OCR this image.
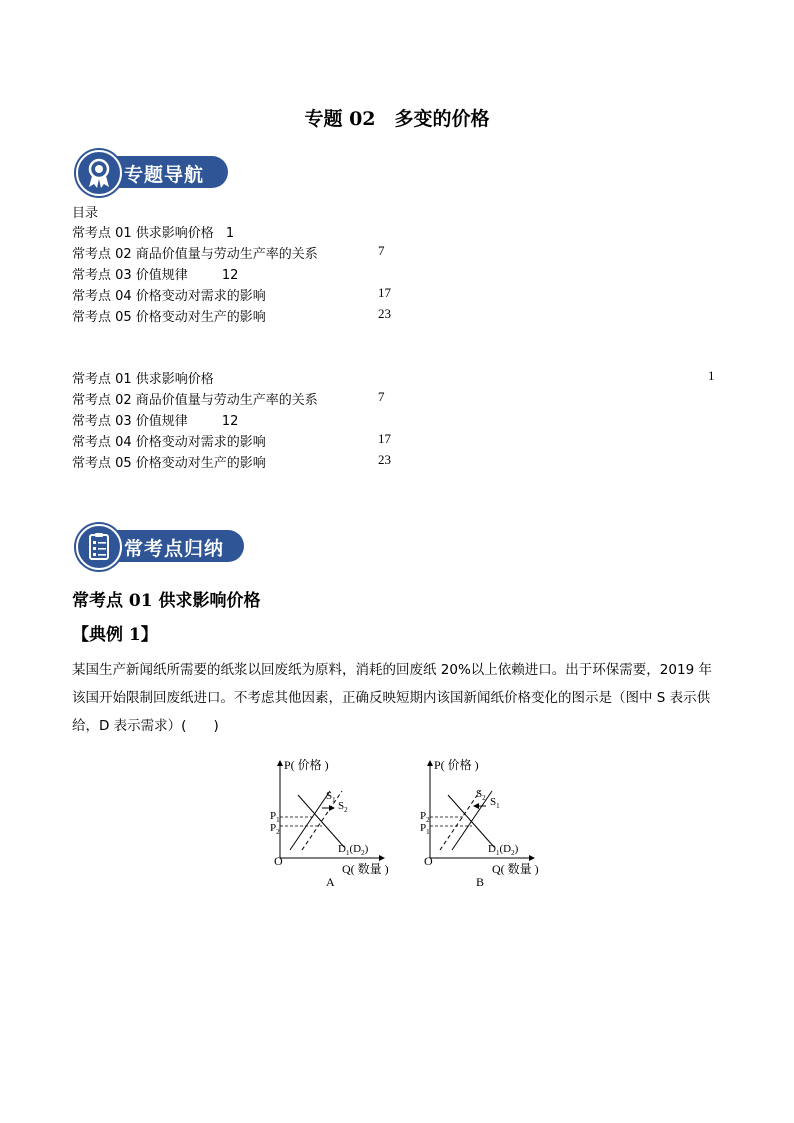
专题 02　多变的价格
专题导航
目录
常考点 01 供求影响价格 1
常考点 02 商品价值量与劳动生产率的关系	7
常考点 03 价值规律	12
常考点 04 价格变动对需求的影响	17
常考点 05 价格变动对生产的影响	23
常考点 01 供求影响价格	1
常考点 02 商品价值量与劳动生产率的关系	7
常考点 03 价值规律	12
常考点 04 价格变动对需求的影响	17
常考点 05 价格变动对生产的影响	23
常考点归纳
常考点 01 供求影响价格
【典例 1】
某国生产新闻纸所需要的纸浆以回废纸为原料，消耗的回废纸 20%以上依赖进口。出于环保需要，2019 年该国开始限制回废纸进口。不考虑其他因素，正确反映短期内该国新闻纸价格变化的图示是（图中 S 表示供给，D 表示需求）(　　)
P( 价格 )
Q( 数量 )
O
A
$S_1$ $S_2$
$D_1(D_2)$
$P_1$
$P_2$
P( 价格 )
Q( 数量 )
O
B
$S_2$ $S_1$
$D_1(D_2)$
$P_2$
$P_1$
